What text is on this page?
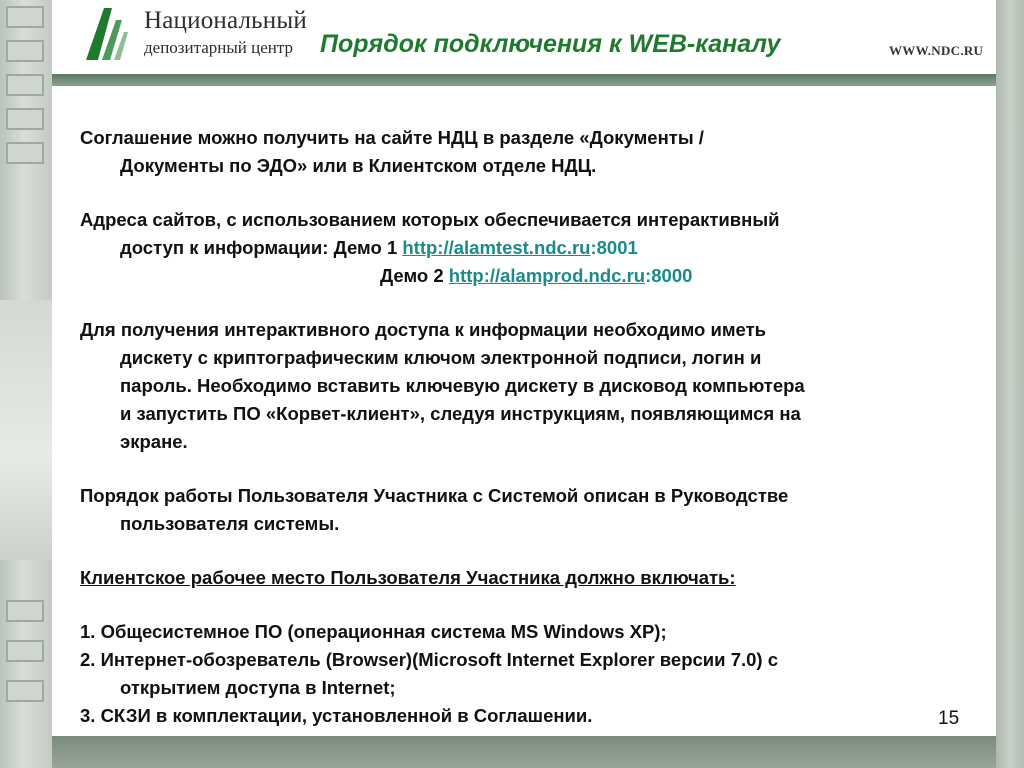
Национальный
депозитарный центр Порядок подключения к WEB-каналу	WWW.NDC.RU
Соглашение можно получить на сайте НДЦ в разделе «Документы /
Документы по ЭДО» или в Клиентском отделе НДЦ.
Адреса сайтов, с использованием которых обеспечивается интерактивный
доступ к информации: Демо 1 http://alamtest.ndc.ru:8001
Демо 2 http://alamprod.ndc.ru:8000
Для получения интерактивного доступа к информации необходимо иметь
дискету с криптографическим ключом электронной подписи, логин и
пароль. Необходимо вставить ключевую дискету в дисковод компьютера
и запустить ПО «Корвет-клиент», следуя инструкциям, появляющимся на
экране.
Порядок работы Пользователя Участника с Системой описан в Руководстве
пользователя системы.
Клиентское рабочее место Пользователя Участника должно включать:
1. Общесистемное ПО (операционная система MS Windows XP);
2. Интернет-обозреватель (Browser)(Microsoft Internet Explorer версии 7.0) с
открытием доступа в Internet;
3. СКЗИ в комплектации, установленной в Соглашении.	15
